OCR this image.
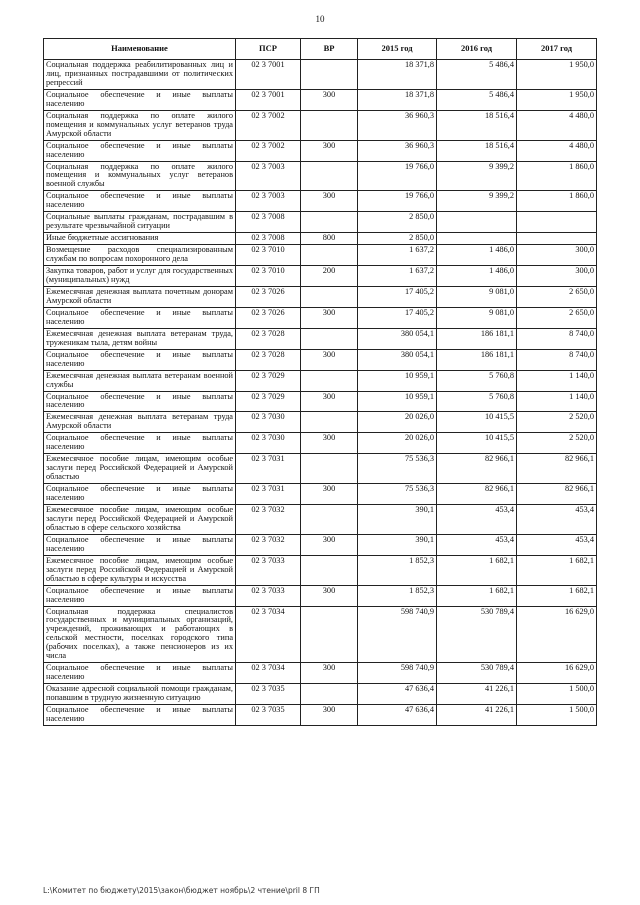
10
Наименование	ПСР	ВР	2015 год	2016 год	2017 год
Социальная поддержка реабилитированных лиц и лиц, признанных пострадавшими от политических репрессий	02 3 7001		18 371,8	5 486,4	1 950,0
Социальное обеспечение и иные выплаты населению	02 3 7001	300	18 371,8	5 486,4	1 950,0
Социальная поддержка по оплате жилого помещения и коммунальных услуг ветеранов труда Амурской области	02 3 7002		36 960,3	18 516,4	4 480,0
Социальное обеспечение и иные выплаты населению	02 3 7002	300	36 960,3	18 516,4	4 480,0
Социальная поддержка по оплате жилого помещения и коммунальных услуг ветеранов военной службы	02 3 7003		19 766,0	9 399,2	1 860,0
Социальное обеспечение и иные выплаты населению	02 3 7003	300	19 766,0	9 399,2	1 860,0
Социальные выплаты гражданам, пострадавшим в результате чрезвычайной ситуации	02 3 7008		2 850,0		
Иные бюджетные ассигнования	02 3 7008	800	2 850,0		
Возмещение расходов специализированным службам по вопросам похоронного дела	02 3 7010		1 637,2	1 486,0	300,0
Закупка товаров, работ и услуг для государственных (муниципальных) нужд	02 3 7010	200	1 637,2	1 486,0	300,0
Ежемесячная денежная выплата почетным донорам Амурской области	02 3 7026		17 405,2	9 081,0	2 650,0
Социальное обеспечение и иные выплаты населению	02 3 7026	300	17 405,2	9 081,0	2 650,0
Ежемесячная денежная выплата ветеранам труда, труженикам тыла, детям войны	02 3 7028		380 054,1	186 181,1	8 740,0
Социальное обеспечение и иные выплаты населению	02 3 7028	300	380 054,1	186 181,1	8 740,0
Ежемесячная денежная выплата ветеранам военной службы	02 3 7029		10 959,1	5 760,8	1 140,0
Социальное обеспечение и иные выплаты населению	02 3 7029	300	10 959,1	5 760,8	1 140,0
Ежемесячная денежная выплата ветеранам труда Амурской области	02 3 7030		20 026,0	10 415,5	2 520,0
Социальное обеспечение и иные выплаты населению	02 3 7030	300	20 026,0	10 415,5	2 520,0
Ежемесячное пособие лицам, имеющим особые заслуги перед Российской Федерацией и Амурской областью	02 3 7031		75 536,3	82 966,1	82 966,1
Социальное обеспечение и иные выплаты населению	02 3 7031	300	75 536,3	82 966,1	82 966,1
Ежемесячное пособие лицам, имеющим особые заслуги перед Российской Федерацией и Амурской областью в сфере сельского хозяйства	02 3 7032		390,1	453,4	453,4
Социальное обеспечение и иные выплаты населению	02 3 7032	300	390,1	453,4	453,4
Ежемесячное пособие лицам, имеющим особые заслуги перед Российской Федерацией и Амурской областью в сфере культуры и искусства	02 3 7033		1 852,3	1 682,1	1 682,1
Социальное обеспечение и иные выплаты населению	02 3 7033	300	1 852,3	1 682,1	1 682,1
Социальная поддержка специалистов государственных и муниципальных организаций, учреждений, проживающих и работающих в сельской местности, поселках городского типа (рабочих поселках), а также пенсионеров из их числа	02 3 7034		598 740,9	530 789,4	16 629,0
Социальное обеспечение и иные выплаты населению	02 3 7034	300	598 740,9	530 789,4	16 629,0
Оказание адресной социальной помощи гражданам, попавшим в трудную жизненную ситуацию	02 3 7035		47 636,4	41 226,1	1 500,0
Социальное обеспечение и иные выплаты населению	02 3 7035	300	47 636,4	41 226,1	1 500,0
L:\Комитет по бюджету\2015\закон\бюджет ноябрь\2 чтение\pril 8 ГП
